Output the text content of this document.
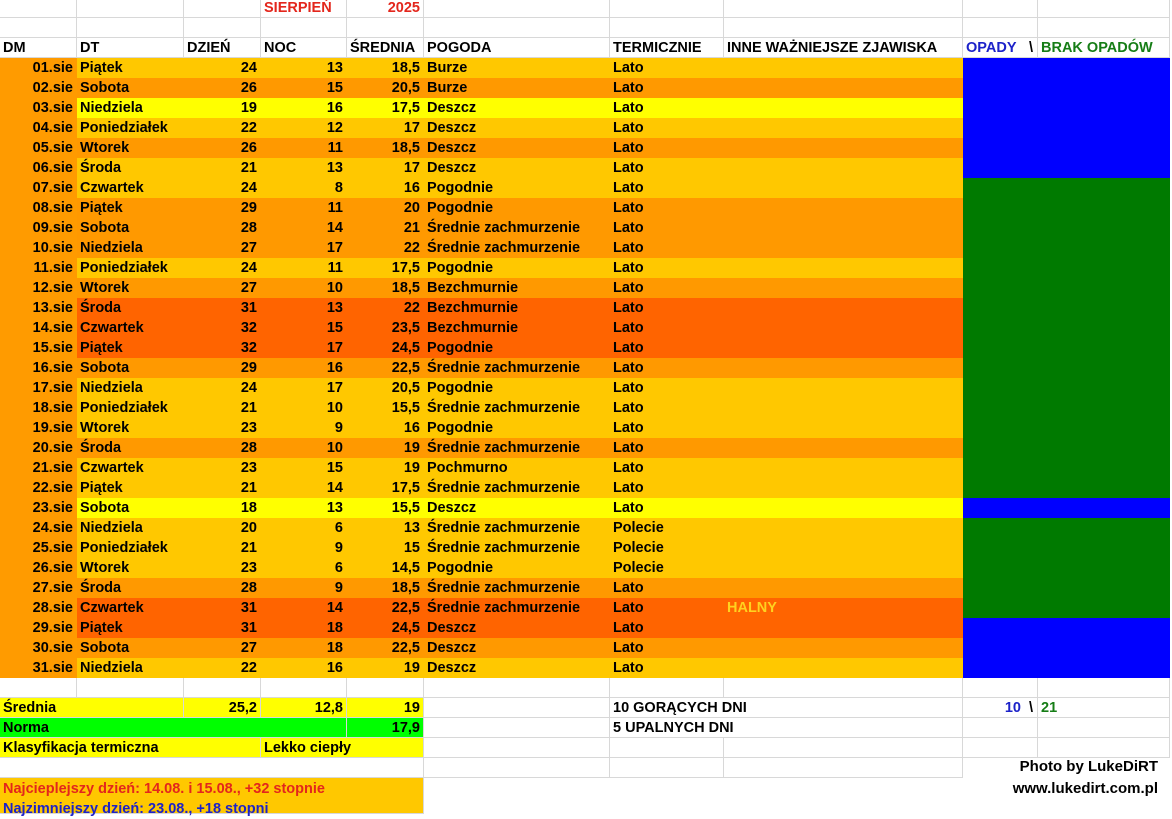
SIERPIEŃ	2025
DM	DT	DZIEŃ	NOC	ŚREDNIA POGODA	TERMICZNIE	INNE WAŻNIEJSZE ZJAWISKA	OPADY \ BRAK OPADÓW
01.sie Piątek	24	13	18,5 Burze	Lato
02.sie Sobota	26	15	20,5 Burze	Lato
03.sie Niedziela	19	16	17,5 Deszcz	Lato
04.sie Poniedziałek	22	12	17 Deszcz	Lato
05.sie Wtorek	26	11	18,5 Deszcz	Lato
06.sie Środa	21	13	17 Deszcz	Lato
07.sie Czwartek	24	8	16 Pogodnie	Lato
08.sie Piątek	29	11	20 Pogodnie	Lato
09.sie Sobota	28	14	21 Średnie zachmurzenie	Lato
10.sie Niedziela	27	17	22 Średnie zachmurzenie	Lato
11.sie Poniedziałek	24	11	17,5 Pogodnie	Lato
12.sie Wtorek	27	10	18,5 Bezchmurnie	Lato
13.sie Środa	31	13	22 Bezchmurnie	Lato
14.sie Czwartek	32	15	23,5 Bezchmurnie	Lato
15.sie Piątek	32	17	24,5 Pogodnie	Lato
16.sie Sobota	29	16	22,5 Średnie zachmurzenie	Lato
17.sie Niedziela	24	17	20,5 Pogodnie	Lato
18.sie Poniedziałek	21	10	15,5 Średnie zachmurzenie	Lato
19.sie Wtorek	23	9	16 Pogodnie	Lato
20.sie Środa	28	10	19 Średnie zachmurzenie	Lato
21.sie Czwartek	23	15	19 Pochmurno	Lato
22.sie Piątek	21	14	17,5 Średnie zachmurzenie	Lato
23.sie Sobota	18	13	15,5 Deszcz	Lato
24.sie Niedziela	20	6	13 Średnie zachmurzenie	Polecie
25.sie Poniedziałek	21	9	15 Średnie zachmurzenie	Polecie
26.sie Wtorek	23	6	14,5 Pogodnie	Polecie
27.sie Środa	28	9	18,5 Średnie zachmurzenie	Lato
28.sie Czwartek	31	14	22,5 Średnie zachmurzenie	Lato	HALNY
29.sie Piątek	31	18	24,5 Deszcz	Lato
30.sie Sobota	27	18	22,5 Deszcz	Lato
31.sie Niedziela	22	16	19 Deszcz	Lato
Średnia	25,2	12,8	19	10 GORĄCYCH DNI	10 \ 21
Norma	17,9	5 UPALNYCH DNI
Klasyfikacja termiczna	Lekko ciepły
Najcieplejszy dzień: 14.08. i 15.08., +32 stopnie
Najzimniejszy dzień: 23.08., +18 stopni
Photo by LukeDiRT
www.lukedirt.com.pl
